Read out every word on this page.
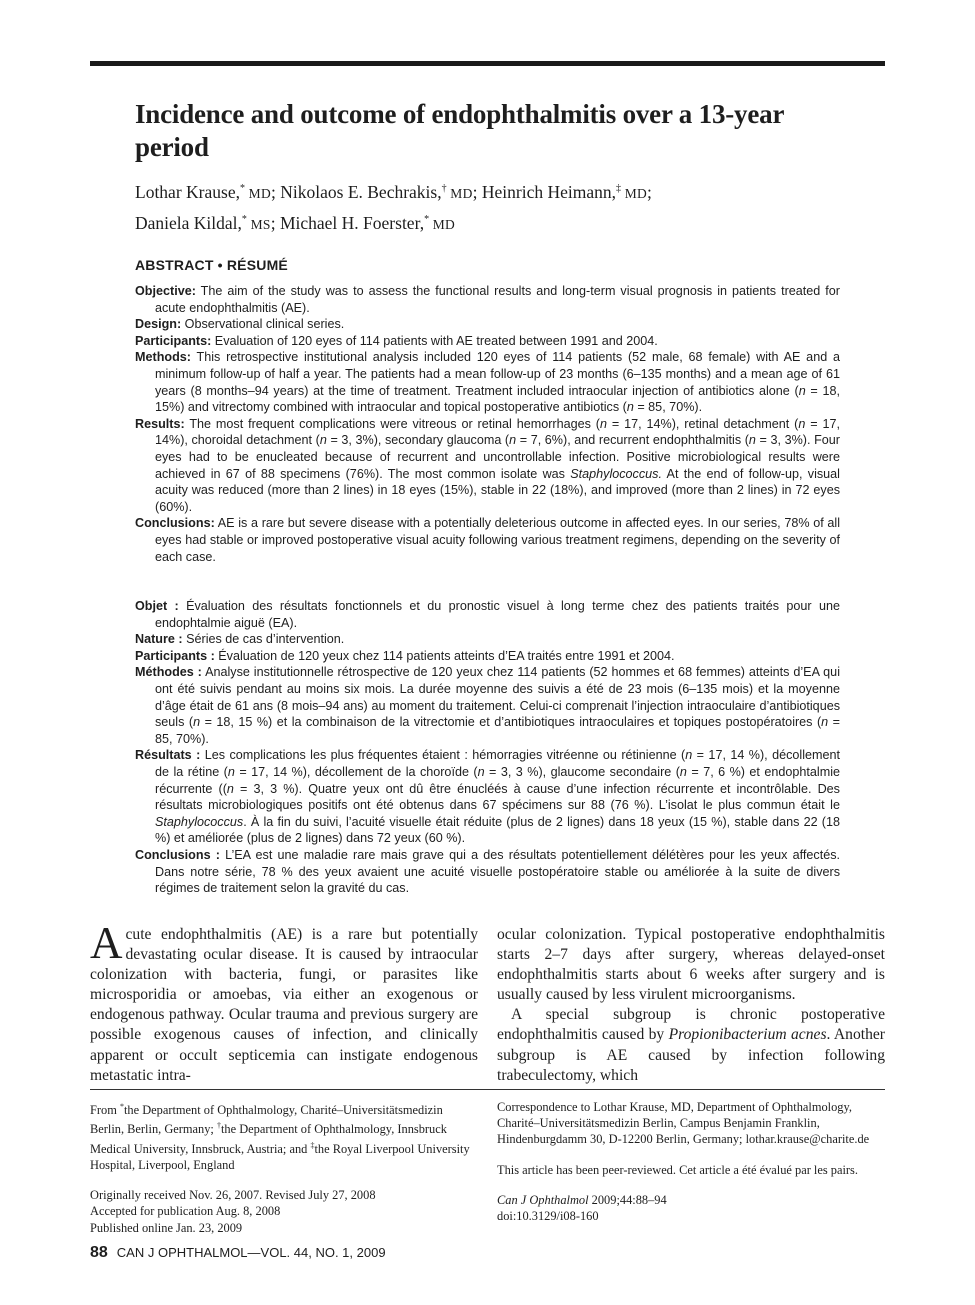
Incidence and outcome of endophthalmitis over a 13-year period
Lothar Krause,* MD; Nikolaos E. Bechrakis,† MD; Heinrich Heimann,‡ MD;
Daniela Kildal,* MS; Michael H. Foerster,* MD
ABSTRACT • RÉSUMÉ

Objective: The aim of the study was to assess the functional results and long-term visual prognosis in patients treated for acute endophthalmitis (AE).

Design: Observational clinical series.

Participants: Evaluation of 120 eyes of 114 patients with AE treated between 1991 and 2004.

Methods: This retrospective institutional analysis included 120 eyes of 114 patients (52 male, 68 female) with AE and a minimum follow-up of half a year. The patients had a mean follow-up of 23 months (6–135 months) and a mean age of 61 years (8 months–94 years) at the time of treatment. Treatment included intraocular injection of antibiotics alone (n = 18, 15%) and vitrectomy combined with intraocular and topical postoperative antibiotics (n = 85, 70%).

Results: The most frequent complications were vitreous or retinal hemorrhages (n = 17, 14%), retinal detachment (n = 17, 14%), choroidal detachment (n = 3, 3%), secondary glaucoma (n = 7, 6%), and recurrent endophthalmitis (n = 3, 3%). Four eyes had to be enucleated because of recurrent and uncontrollable infection. Positive microbiological results were achieved in 67 of 88 specimens (76%). The most common isolate was Staphylococcus. At the end of follow-up, visual acuity was reduced (more than 2 lines) in 18 eyes (15%), stable in 22 (18%), and improved (more than 2 lines) in 72 eyes (60%).

Conclusions: AE is a rare but severe disease with a potentially deleterious outcome in affected eyes. In our series, 78% of all eyes had stable or improved postoperative visual acuity following various treatment regimens, depending on the severity of each case.

Objet : Évaluation des résultats fonctionnels et du pronostic visuel à long terme chez des patients traités pour une endophtalmie aiguë (EA).

Nature : Séries de cas d’intervention.

Participants : Évaluation de 120 yeux chez 114 patients atteints d’EA traités entre 1991 et 2004.

Méthodes : Analyse institutionnelle rétrospective de 120 yeux chez 114 patients (52 hommes et 68 femmes) atteints d’EA qui ont été suivis pendant au moins six mois. La durée moyenne des suivis a été de 23 mois (6–135 mois) et la moyenne d’âge était de 61 ans (8 mois–94 ans) au moment du traitement. Celui-ci comprenait l’injection intraoculaire d’antibiotiques seuls (n = 18, 15 %) et la combinaison de la vitrectomie et d’antibiotiques intraoculaires et topiques postopératoires (n = 85, 70%).

Résultats : Les complications les plus fréquentes étaient : hémorragies vitréenne ou rétinienne (n = 17, 14 %), décollement de la rétine (n = 17, 14 %), décollement de la choroïde (n = 3, 3 %), glaucome secondaire (n = 7, 6 %) et endophtalmie récurrente ((n = 3, 3 %). Quatre yeux ont dû être énucléés à cause d’une infection récurrente et incontrôlable. Des résultats microbiologiques positifs ont été obtenus dans 67 spécimens sur 88 (76 %). L’isolat le plus commun était le Staphylococcus. À la fin du suivi, l’acuité visuelle était réduite (plus de 2 lignes) dans 18 yeux (15 %), stable dans 22 (18 %) et améliorée (plus de 2 lignes) dans 72 yeux (60 %).

Conclusions : L’EA est une maladie rare mais grave qui a des résultats potentiellement délétères pour les yeux affectés. Dans notre série, 78 % des yeux avaient une acuité visuelle postopératoire stable ou améliorée à la suite de divers régimes de traitement selon la gravité du cas.

Acute endophthalmitis (AE) is a rare but potentially devastating ocular disease. It is caused by intraocular colonization with bacteria, fungi, or parasites like microsporidia or amoebas, via either an exogenous or endogenous pathway. Ocular trauma and previous surgery are possible exogenous causes of infection, and clinically apparent or occult septicemia can instigate endogenous metastatic intra-

ocular colonization. Typical postoperative endophthalmitis starts 2–7 days after surgery, whereas delayed-onset endophthalmitis starts about 6 weeks after surgery and is usually caused by less virulent microorganisms.

A special subgroup is chronic postoperative endophthalmitis caused by Propionibacterium acnes. Another subgroup is AE caused by infection following trabeculectomy, which

From *the Department of Ophthalmology, Charité–Universitätsmedizin Berlin, Berlin, Germany; †the Department of Ophthalmology, Innsbruck Medical University, Innsbruck, Austria; and ‡the Royal Liverpool University Hospital, Liverpool, England

Originally received Nov. 26, 2007. Revised July 27, 2008
Accepted for publication Aug. 8, 2008
Published online Jan. 23, 2009

Correspondence to Lothar Krause, MD, Department of Ophthalmology, Charité–Universitätsmedizin Berlin, Campus Benjamin Franklin, Hindenburgdamm 30, D-12200 Berlin, Germany; lothar.krause@charite.de

This article has been peer-reviewed. Cet article a été évalué par les pairs.

Can J Ophthalmol 2009;44:88–94
doi:10.3129/i08-160

88 CAN J OPHTHALMOL—VOL. 44, NO. 1, 2009
